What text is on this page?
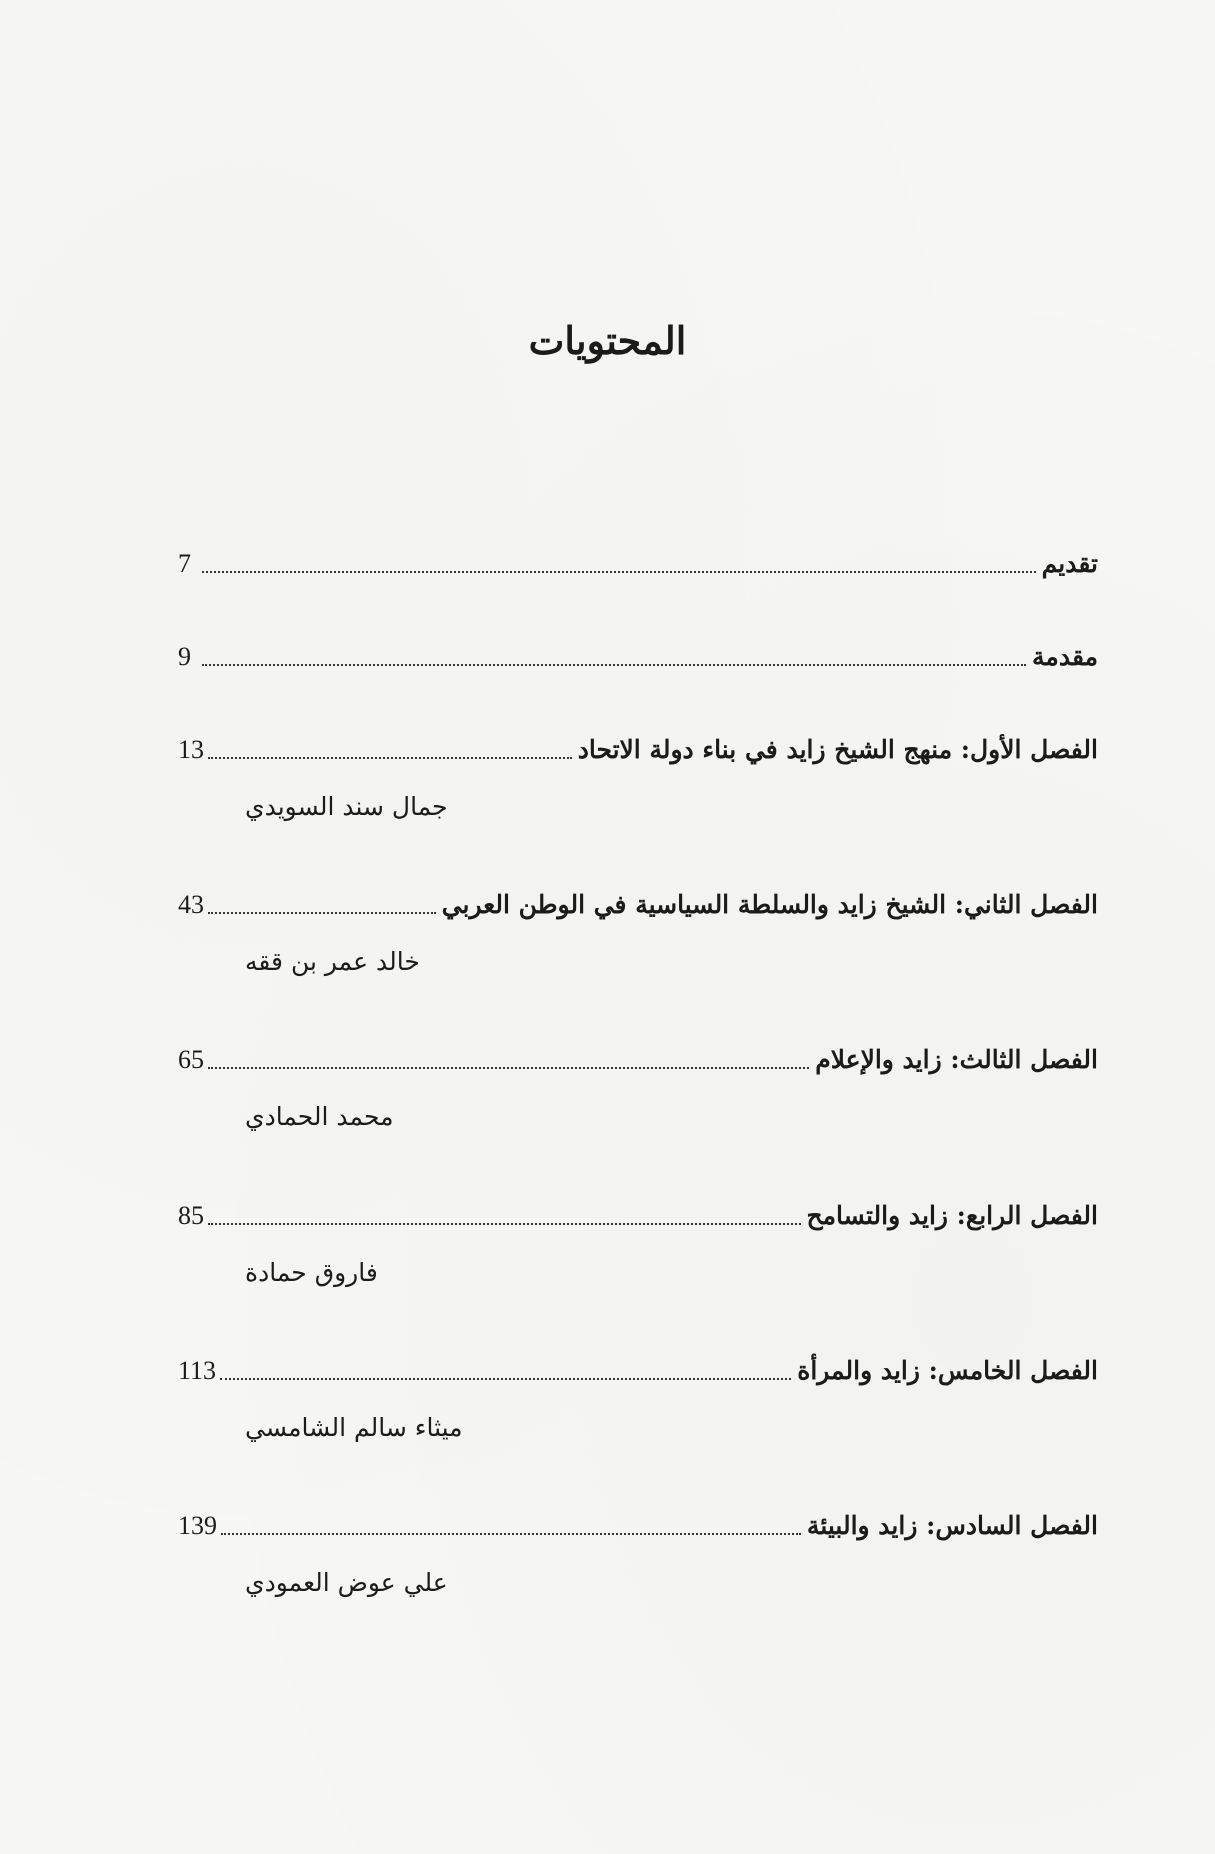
المحتويات
تقديم
7
مقدمة
9
الفصل الأول: منهج الشيخ زايد في بناء دولة الاتحاد
13
جمال سند السويدي
الفصل الثاني: الشيخ زايد والسلطة السياسية في الوطن العربي
43
خالد عمر بن ققه
الفصل الثالث: زايد والإعلام
65
محمد الحمادي
الفصل الرابع: زايد والتسامح
85
فاروق حمادة
الفصل الخامس: زايد والمرأة
113
ميثاء سالم الشامسي
الفصل السادس: زايد والبيئة
139
علي عوض العمودي
